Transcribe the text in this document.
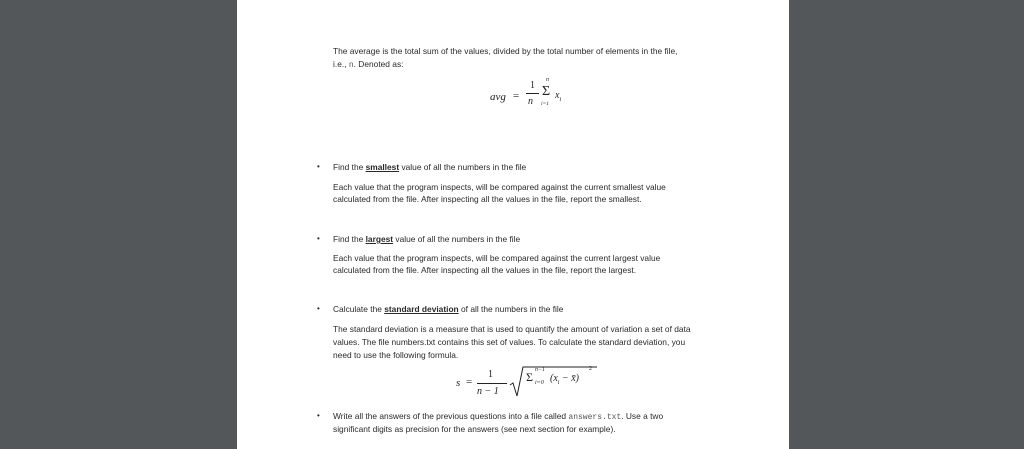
The average is the total sum of the values, divided by the total number of elements in the file,
i.e., n. Denoted as:
avg =
1
n
n
Σ
i=1
$x_i$
• Find the smallest value of all the numbers in the file
Each value that the program inspects, will be compared against the current smallest value
calculated from the file. After inspecting all the values in the file, report the smallest.
• Find the largest value of all the numbers in the file
Each value that the program inspects, will be compared against the current largest value
calculated from the file. After inspecting all the values in the file, report the largest.
• Calculate the standard deviation of all the numbers in the file
The standard deviation is a measure that is used to quantify the amount of variation a set of data
values. The file numbers.txt contains this set of values. To calculate the standard deviation, you
need to use the following formula.
s =
1
n − 1
Σ n−1
i=0 ($x_i$ − x̄)
2
• Write all the answers of the previous questions into a file called answers.txt. Use a two
significant digits as precision for the answers (see next section for example).
